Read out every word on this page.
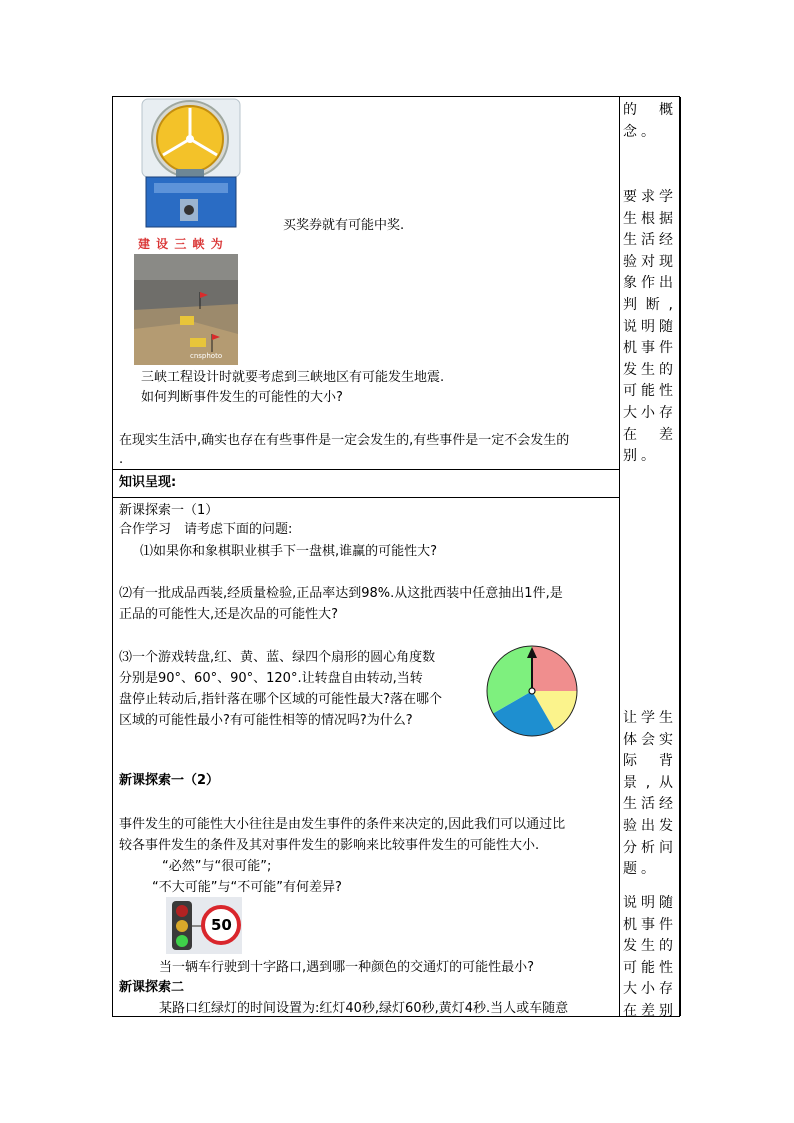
买奖券就有可能中奖.
建 设 三 峡 为
cnsphoto
三峡工程设计时就要考虑到三峡地区有可能发生地震.
如何判断事件发生的可能性的大小?
在现实生活中,确实也存在有些事件是一定会发生的,有些事件是一定不会发生的
.
知识呈现:
新课探索一（1）
合作学习　请考虑下面的问题:
⑴如果你和象棋职业棋手下一盘棋,谁赢的可能性大?
⑵有一批成品西装,经质量检验,正品率达到98%.从这批西装中任意抽出1件,是
正品的可能性大,还是次品的可能性大?
⑶一个游戏转盘,红、黄、蓝、绿四个扇形的圆心角度数
分别是90°、60°、90°、120°.让转盘自由转动,当转
盘停止转动后,指针落在哪个区域的可能性最大?落在哪个
区域的可能性最小?有可能性相等的情况吗?为什么?
新课探索一（2）
事件发生的可能性大小往往是由发生事件的条件来决定的,因此我们可以通过比
较各事件发生的条件及其对事件发生的影响来比较事件发生的可能性大小.
“必然”与“很可能”;
“不大可能”与“不可能”有何差异?
50
当一辆车行驶到十字路口,遇到哪一种颜色的交通灯的可能性最小?
新课探索二
某路口红绿灯的时间设置为:红灯40秒,绿灯60秒,黄灯4秒.当人或车随意
的概念。
要求学生根据生活经验对现象作出判断,说明随机事件发生的可能性大小存在差别。
让学生体会实际背景,从生活经验出发分析问题。
说明随机事件发生的可能性大小存在差别
